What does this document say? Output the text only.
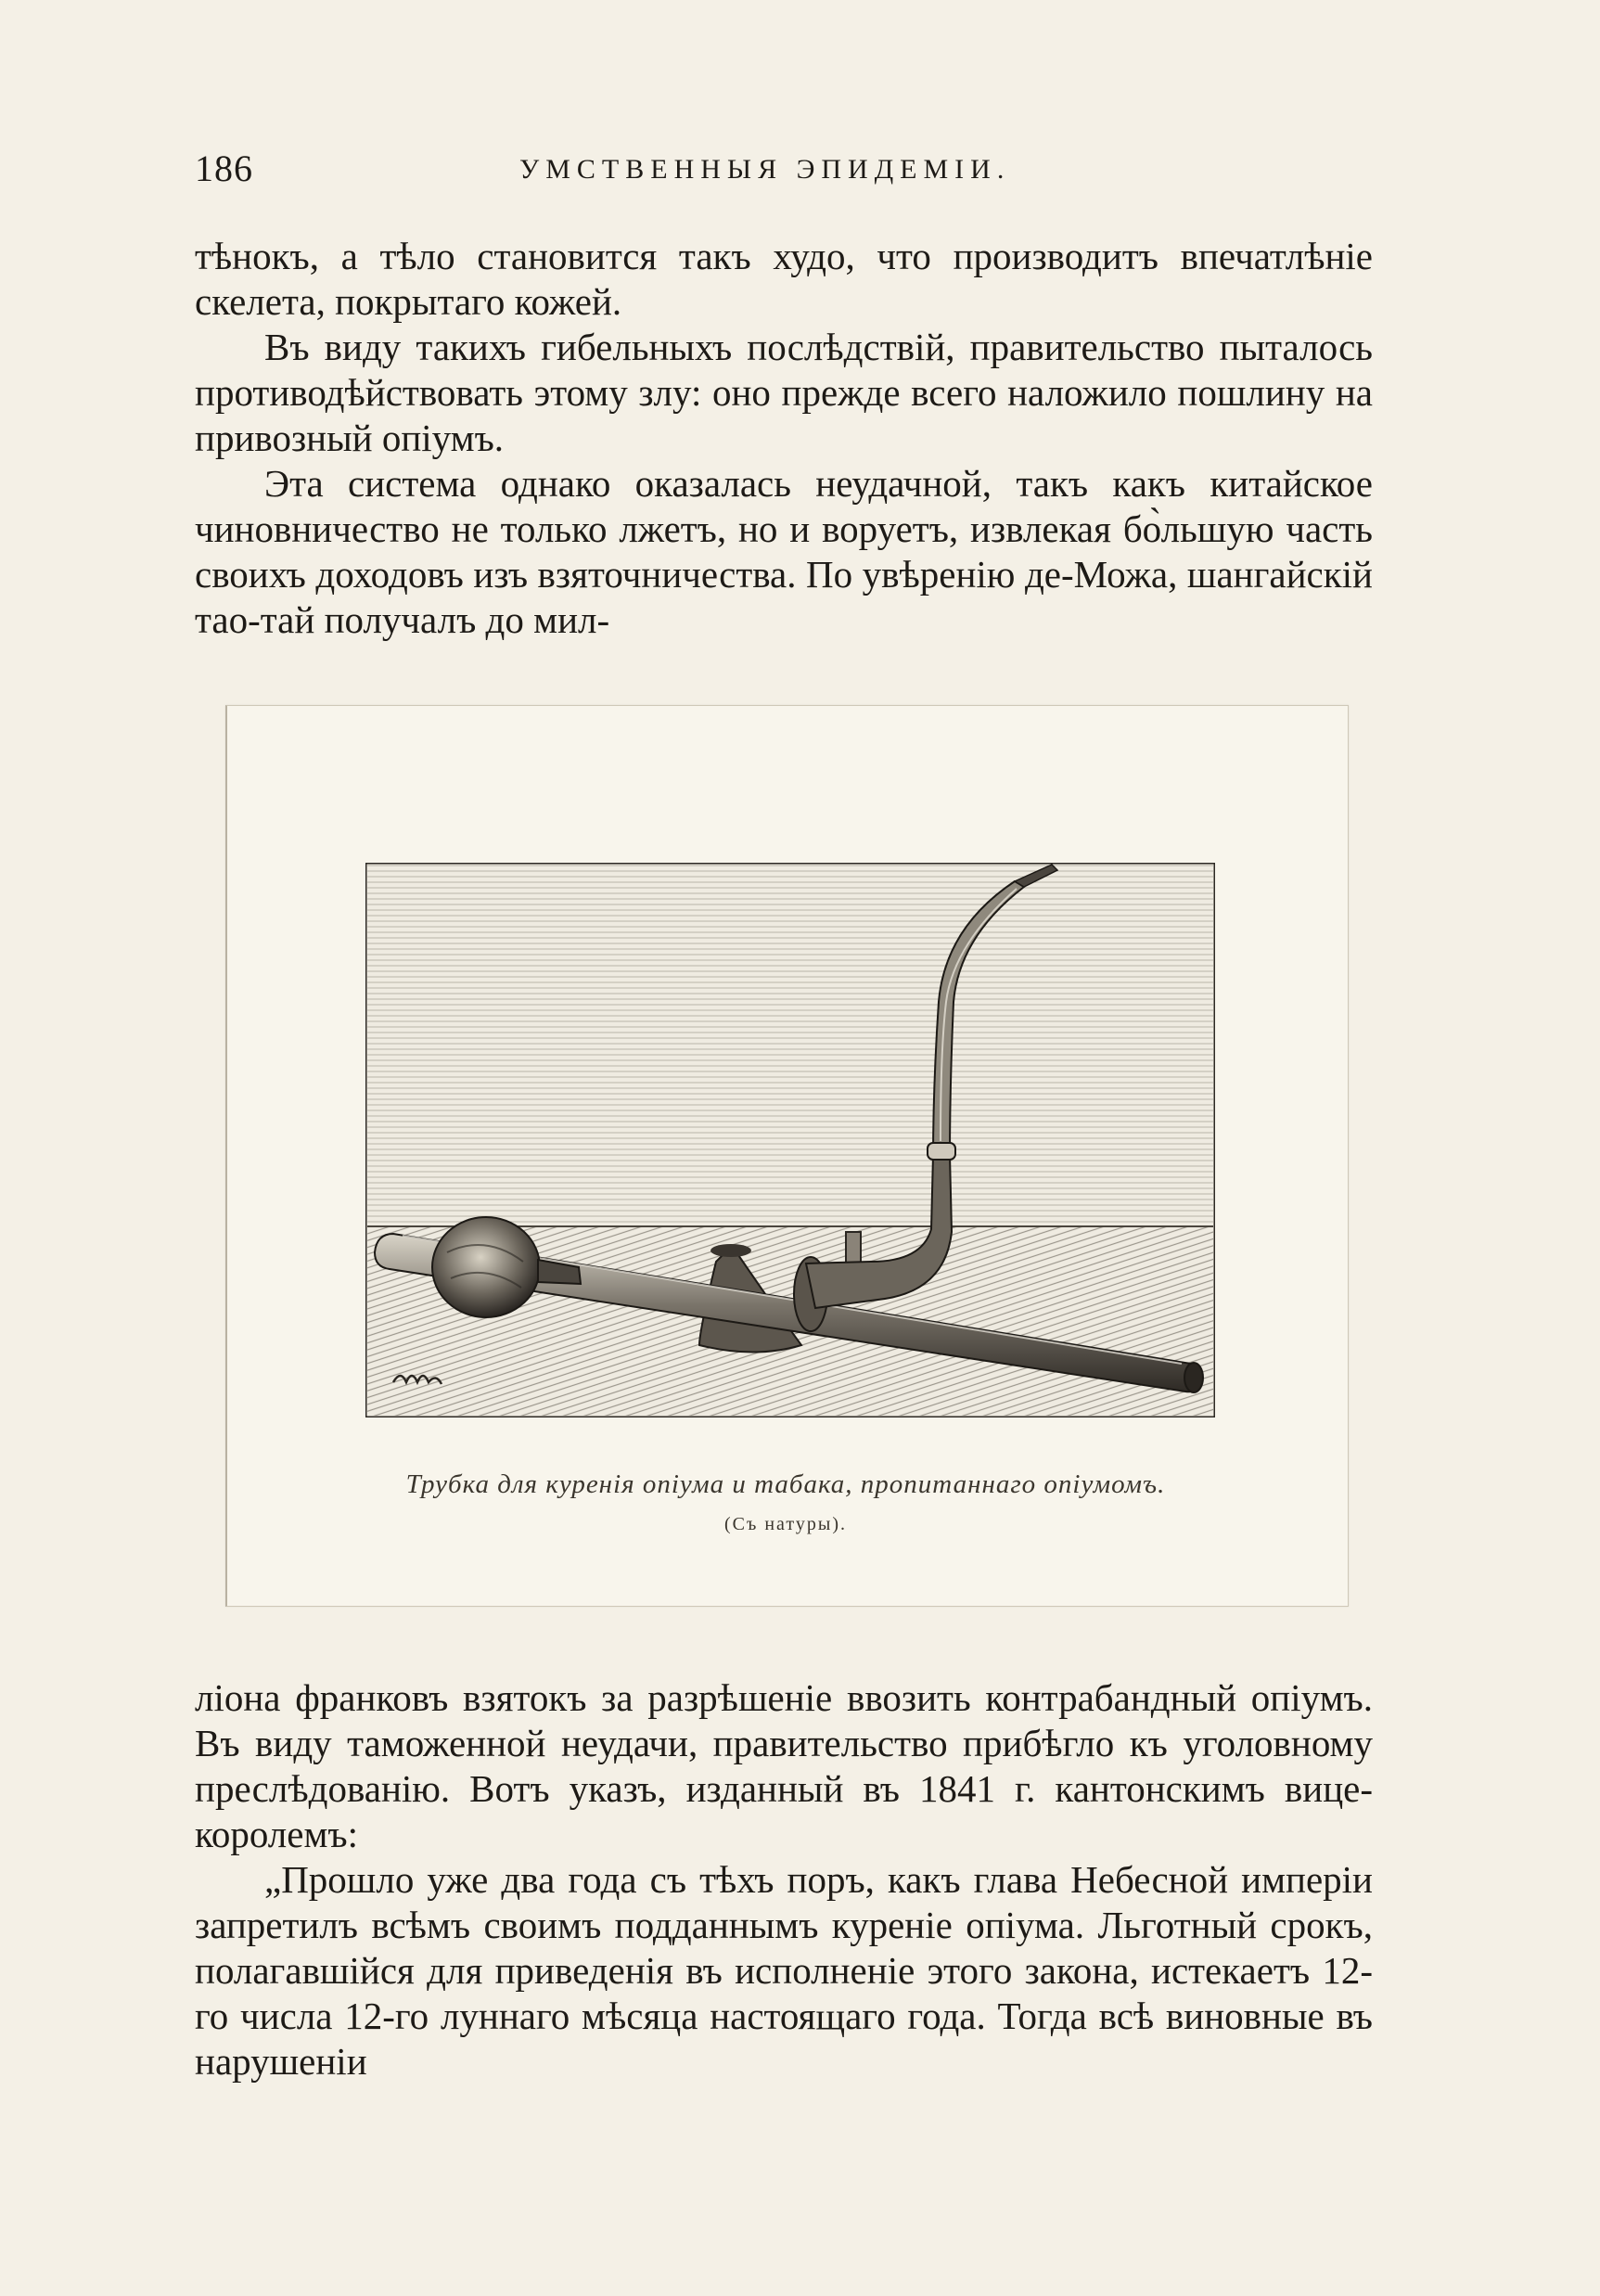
186	УМСТВЕННЫЯ ЭПИДЕМIИ.

тѣнокъ, а тѣло становится такъ худо, что производитъ впечатлѣнiе скелета, покрытаго кожей.

Въ виду такихъ гибельныхъ послѣдствiй, правительство пыталось противодѣйствовать этому злу: оно прежде всего наложило пошлину на привозный опiумъ.

Эта система однако оказалась неудачной, такъ какъ китайское чиновничество не только лжетъ, но и воруетъ, извлекая бо̀льшую часть своихъ доходовъ изъ взяточничества. По увѣренiю де-Можа, шангайскiй тао-тай получалъ до мил-

Трубка для куренiя опiума и табака, пропитаннаго опiумомъ.
(Съ натуры).

лiона франковъ взятокъ за разрѣшенiе ввозить контрабандный опiумъ. Въ виду таможенной неудачи, правительство прибѣгло къ уголовному преслѣдованiю. Вотъ указъ, изданный въ 1841 г. кантонскимъ вице-королемъ:

„Прошло уже два года съ тѣхъ поръ, какъ глава Небесной имперiи запретилъ всѣмъ своимъ подданнымъ куренiе опiума. Льготный срокъ, полагавшiйся для приведенiя въ исполненiе этого закона, истекаетъ 12-го числа 12-го луннаго мѣсяца настоящаго года. Тогда всѣ виновные въ нарушенiи
